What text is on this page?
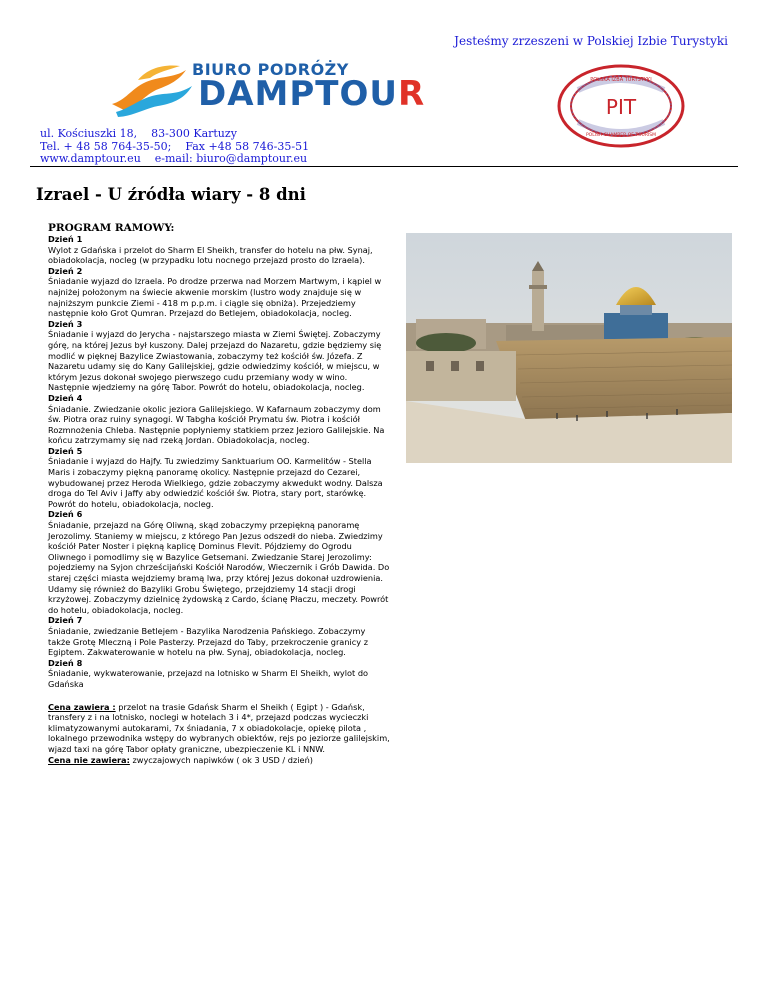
Jesteśmy zrzeszeni w Polskiej Izbie Turystyki
BIURO PODRÓŻY
DAMPTOUR	PIT
POLSKA IZBA TURYSTYKI
POLISH CHAMBER OF TOURISM
ul. Kościuszki 18,    83-300 Kartuzy
Tel. + 48 58 764-35-50;    Fax +48 58 746-35-51
www.damptour.eu    e-mail: biuro@damptour.eu
Izrael - U źródła wiary - 8 dni
PROGRAM RAMOWY:
Dzień 1
Wylot z Gdańska i przelot do Sharm El Sheikh, transfer do hotelu na płw. Synaj, obiadokolacja, nocleg (w przypadku lotu nocnego przejazd prosto do Izraela).
Dzień 2
Śniadanie wyjazd do Izraela. Po drodze przerwa nad Morzem Martwym, i kąpiel w najniżej położonym na świecie akwenie morskim (lustro wody znajduje się w najniższym punkcie Ziemi - 418 m p.p.m. i ciągle się obniża). Przejedziemy następnie koło Grot Qumran. Przejazd do Betlejem, obiadokolacja, nocleg.
Dzień 3
Śniadanie i wyjazd do Jerycha - najstarszego miasta w Ziemi Świętej. Zobaczymy górę, na której Jezus był kuszony. Dalej przejazd do Nazaretu, gdzie będziemy się modlić w pięknej Bazylice Zwiastowania, zobaczymy też kościół św. Józefa. Z Nazaretu udamy się do Kany Galilejskiej, gdzie odwiedzimy kościół, w miejscu, w którym Jezus dokonał swojego pierwszego cudu przemiany wody w wino. Następnie wjedziemy na górę Tabor. Powrót do hotelu, obiadokolacja, nocleg.
Dzień 4
Śniadanie. Zwiedzanie okolic jeziora Galilejskiego. W Kafarnaum zobaczymy dom św. Piotra oraz ruiny synagogi. W Tabgha kościół Prymatu św. Piotra i kościół Rozmnożenia Chleba. Następnie popłyniemy statkiem przez Jezioro Galilejskie. Na końcu zatrzymamy się nad rzeką Jordan. Obiadokolacja, nocleg.
Dzień 5
Śniadanie i wyjazd do Hajfy. Tu zwiedzimy Sanktuarium OO. Karmelitów - Stella Maris i zobaczymy piękną panoramę okolicy. Następnie przejazd do Cezarei, wybudowanej przez Heroda Wielkiego, gdzie zobaczymy akwedukt wodny. Dalsza droga do Tel Aviv i Jaffy aby odwiedzić kościół św. Piotra, stary port, starówkę. Powrót do hotelu, obiadokolacja, nocleg.
Dzień 6
Śniadanie, przejazd na Górę Oliwną, skąd zobaczymy przepiękną panoramę Jerozolimy. Staniemy w miejscu, z którego Pan Jezus odszedł do nieba. Zwiedzimy kościół Pater Noster i piękną kaplicę Dominus Flevit. Pójdziemy do Ogrodu Oliwnego i pomodlimy się w Bazylice Getsemani. Zwiedzanie Starej Jerozolimy: pojedziemy na Syjon chrześcijański Kościół Narodów, Wieczernik i Grób Dawida. Do starej części miasta wejdziemy bramą lwa, przy której Jezus dokonał uzdrowienia. Udamy się również do Bazyliki Grobu Świętego, przejdziemy 14 stacji drogi krzyżowej. Zobaczymy dzielnicę żydowską z Cardo, ścianę Płaczu, meczety. Powrót do hotelu, obiadokolacja, nocleg.
Dzień 7
Śniadanie, zwiedzanie Betlejem - Bazylika Narodzenia Pańskiego. Zobaczymy także Grotę Mleczną i Pole Pasterzy. Przejazd do Taby, przekroczenie granicy z Egiptem. Zakwaterowanie w hotelu na płw. Synaj, obiadokolacja, nocleg.
Dzień 8
Śniadanie, wykwaterowanie, przejazd na lotnisko w Sharm El Sheikh, wylot do Gdańska
Cena zawiera : przelot na trasie Gdańsk Sharm el Sheikh ( Egipt ) - Gdańsk, transfery z i na lotnisko, noclegi w hotelach 3 i 4*, przejazd podczas wycieczki klimatyzowanymi autokarami, 7x śniadania, 7 x obiadokolacje, opiekę pilota , lokalnego przewodnika wstępy do wybranych obiektów, rejs po jeziorze galilejskim, wjazd taxi na górę Tabor opłaty graniczne, ubezpieczenie KL i NNW.
Cena nie zawiera: zwyczajowych napiwków ( ok 3 USD / dzień)
